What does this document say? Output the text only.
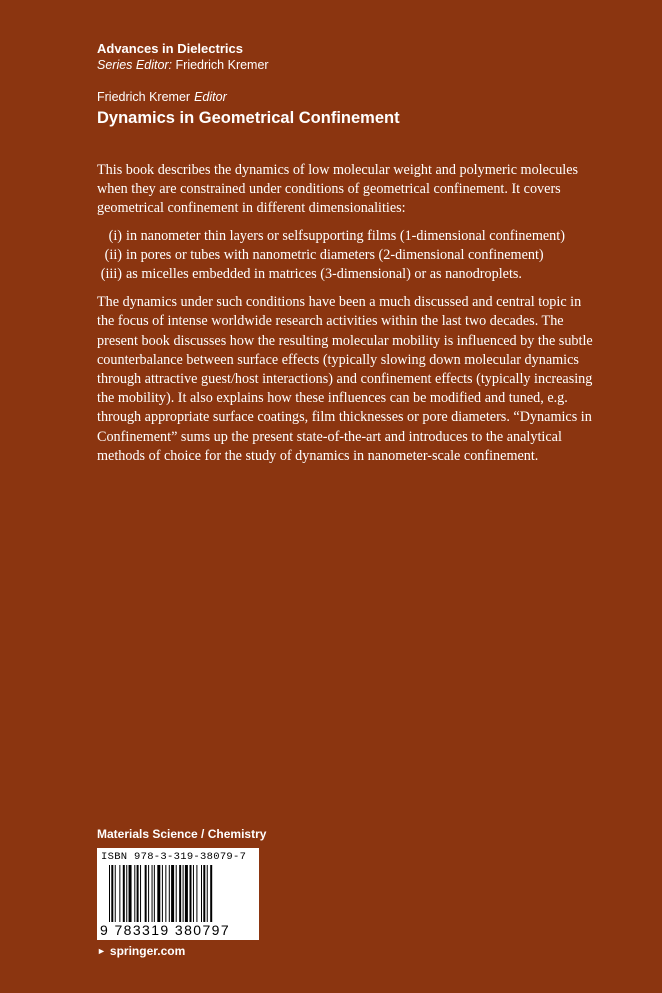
Advances in Dielectrics
Series Editor: Friedrich Kremer
Friedrich Kremer Editor
Dynamics in Geometrical Confinement

This book describes the dynamics of low molecular weight and polymeric molecules when they are constrained under conditions of geometrical confinement. It covers geometrical confinement in different dimensionalities:

(i) in nanometer thin layers or selfsupporting films (1-dimensional confinement)
(ii) in pores or tubes with nanometric diameters (2-dimensional confinement)
(iii) as micelles embedded in matrices (3-dimensional) or as nanodroplets.

The dynamics under such conditions have been a much discussed and central topic in the focus of intense worldwide research activities within the last two decades. The present book discusses how the resulting molecular mobility is influenced by the subtle counterbalance between surface effects (typically slowing down molecular dynamics through attractive guest/host interactions) and confinement effects (typically increasing the mobility). It also explains how these influences can be modified and tuned, e.g. through appropriate surface coatings, film thicknesses or pore diameters. “Dynamics in Confinement” sums up the present state-of-the-art and introduces to the analytical methods of choice for the study of dynamics in nanometer-scale confinement.

Materials Science / Chemistry
ISBN 978-3-319-38079-7
9 783319 380797
► springer.com
